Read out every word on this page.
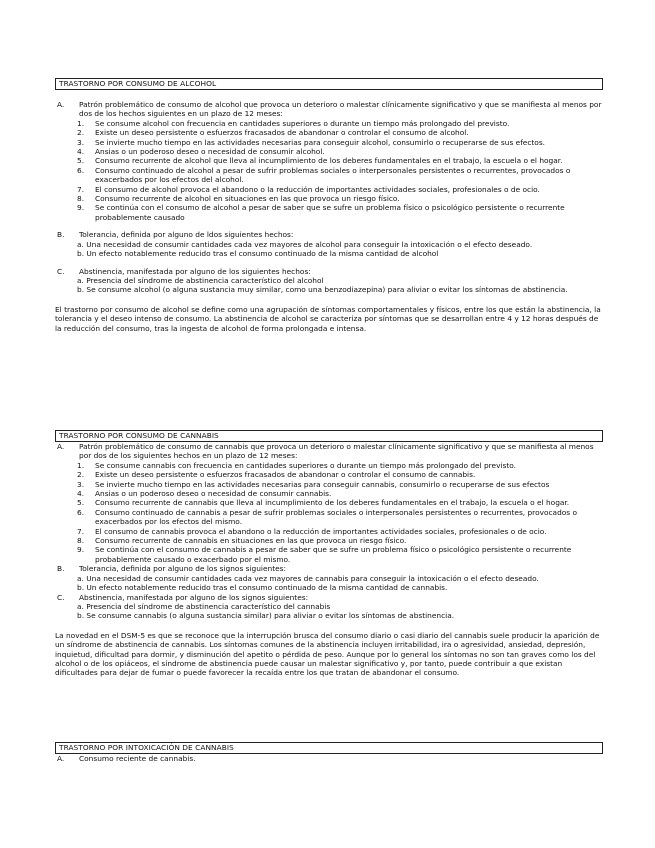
TRASTORNO POR CONSUMO DE ALCOHOL
A.	Patrón problemático de consumo de alcohol que provoca un deterioro o malestar clínicamente significativo y que se manifiesta al menos por dos de los hechos siguientes en un plazo de 12 meses:
1.	Se consume alcohol con frecuencia en cantidades superiores o durante un tiempo más prolongado del previsto.
2.	Existe un deseo persistente o esfuerzos fracasados de abandonar o controlar el consumo de alcohol.
3.	Se invierte mucho tiempo en las actividades necesarias para conseguir alcohol, consumirlo o recuperarse de sus efectos.
4.	Ansias o un poderoso deseo o necesidad de consumir alcohol.
5.	Consumo recurrente de alcohol que lleva al incumplimiento de los deberes fundamentales en el trabajo, la escuela o el hogar.
6.	Consumo continuado de alcohol a pesar de sufrir problemas sociales o interpersonales persistentes o recurrentes, provocados o exacerbados por los efectos del alcohol.
7.	El consumo de alcohol provoca el abandono o la reducción de importantes actividades sociales, profesionales o de ocio.
8.	Consumo recurrente de alcohol en situaciones en las que provoca un riesgo físico.
9.	Se continúa con el consumo de alcohol a pesar de saber que se sufre un problema físico o psicológico persistente o recurrente probablemente causado
B.	Tolerancia, definida por alguno de ldos siguientes hechos:
a. Una necesidad de consumir cantidades cada vez mayores de alcohol para conseguir la intoxicación o el efecto deseado.
b. Un efecto notablemente reducido tras el consumo continuado de la misma cantidad de alcohol
C.	Abstinencia, manifestada por alguno de los siguientes hechos:
a. Presencia del síndrome de abstinencia característico del alcohol
b. Se consume alcohol (o alguna sustancia muy similar, como una benzodiazepina) para aliviar o evitar los síntomas de abstinencia.

El trastorno por consumo de alcohol se define como una agrupación de síntomas comportamentales y físicos, entre los que están la abstinencia, la tolerancia y el deseo intenso de consumo. La abstinencia de alcohol se caracteriza por síntomas que se desarrollan entre 4 y 12 horas después de la reducción del consumo, tras la ingesta de alcohol de forma prolongada e intensa.

TRASTORNO POR CONSUMO DE CANNABIS
A.	Patrón problemático de consumo de cannabis que provoca un deterioro o malestar clínicamente significativo y que se manifiesta al menos por dos de los siguientes hechos en un plazo de 12 meses:
1.	Se consume cannabis con frecuencia en cantidades superiores o durante un tiempo más prolongado del previsto.
2.	Existe un deseo persistente o esfuerzos fracasados de abandonar o controlar el consumo de cannabis.
3.	Se invierte mucho tiempo en las actividades necesarias para conseguir cannabis, consumirlo o recuperarse de sus efectos
4.	Ansias o un poderoso deseo o necesidad de consumir cannabis.
5.	Consumo recurrente de cannabis que lleva al incumplimiento de los deberes fundamentales en el trabajo, la escuela o el hogar.
6.	Consumo continuado de cannabis a pesar de sufrir problemas sociales o interpersonales persistentes o recurrentes, provocados o exacerbados por los efectos del mismo.
7.	El consumo de cannabis provoca el abandono o la reducción de importantes actividades sociales, profesionales o de ocio.
8.	Consumo recurrente de cannabis en situaciones en las que provoca un riesgo físico.
9.	Se continúa con el consumo de cannabis a pesar de saber que se sufre un problema físico o psicológico persistente o recurrente probablemente causado o exacerbado por el mismo.
B.	Tolerancia, definida por alguno de los signos siguientes:
a. Una necesidad de consumir cantidades cada vez mayores de cannabis para conseguir la intoxicación o el efecto deseado.
b. Un efecto notablemente reducido tras el consumo continuado de la misma cantidad de cannabis.
C.	Abstinencia, manifestada por alguno de los signos siguientes:
a. Presencia del síndrome de abstinencia característico del cannabis
b. Se consume cannabis (o alguna sustancia similar) para aliviar o evitar los síntomas de abstinencia.

La novedad en el DSM-5 es que se reconoce que la interrupción brusca del consumo diario o casi diario del cannabis suele producir la aparición de un síndrome de abstinencia de cannabis. Los síntomas comunes de la abstinencia incluyen irritabilidad, ira o agresividad, ansiedad, depresión, inquietud, dificultad para dormir, y disminución del apetito o pérdida de peso. Aunque por lo general los síntomas no son tan graves como los del alcohol o de los opiáceos, el síndrome de abstinencia puede causar un malestar significativo y, por tanto, puede contribuir a que existan dificultades para dejar de fumar o puede favorecer la recaída entre los que tratan de abandonar el consumo.

TRASTORNO POR INTOXICACIÓN DE CANNABIS
A.	Consumo reciente de cannabis.
